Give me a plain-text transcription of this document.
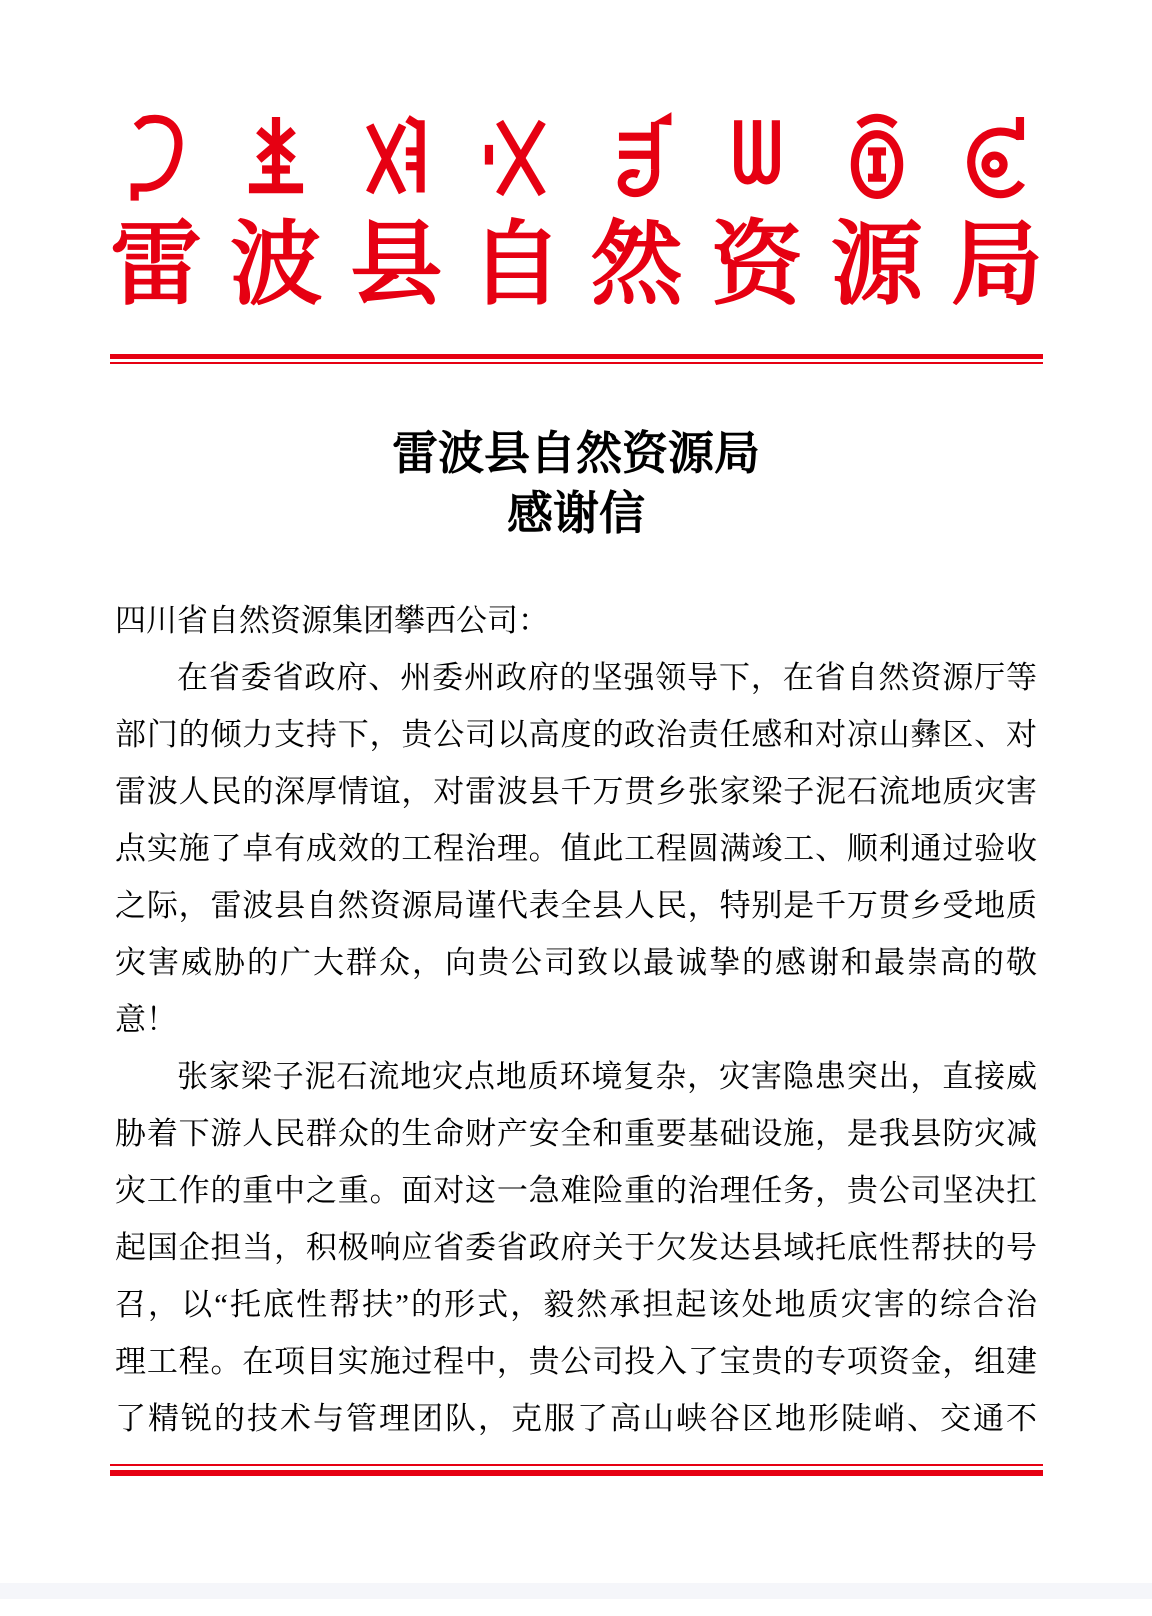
雷 波 县 自 然 资 源 局
雷波县自然资源局
感谢信
四川省自然资源集团攀西公司：
在省委省政府、州委州政府的坚强领导下，在省自然资源厅等
部门的倾力支持下，贵公司以高度的政治责任感和对凉山彝区、对
雷波人民的深厚情谊，对雷波县千万贯乡张家梁子泥石流地质灾害
点实施了卓有成效的工程治理。值此工程圆满竣工、顺利通过验收
之际，雷波县自然资源局谨代表全县人民，特别是千万贯乡受地质
灾害威胁的广大群众，向贵公司致以最诚挚的感谢和最崇高的敬
意！
张家梁子泥石流地灾点地质环境复杂，灾害隐患突出，直接威
胁着下游人民群众的生命财产安全和重要基础设施，是我县防灾减
灾工作的重中之重。面对这一急难险重的治理任务，贵公司坚决扛
起国企担当，积极响应省委省政府关于欠发达县域托底性帮扶的号
召，以“托底性帮扶”的形式，毅然承担起该处地质灾害的综合治
理工程。在项目实施过程中，贵公司投入了宝贵的专项资金，组建
了精锐的技术与管理团队，克服了高山峡谷区地形陡峭、交通不
